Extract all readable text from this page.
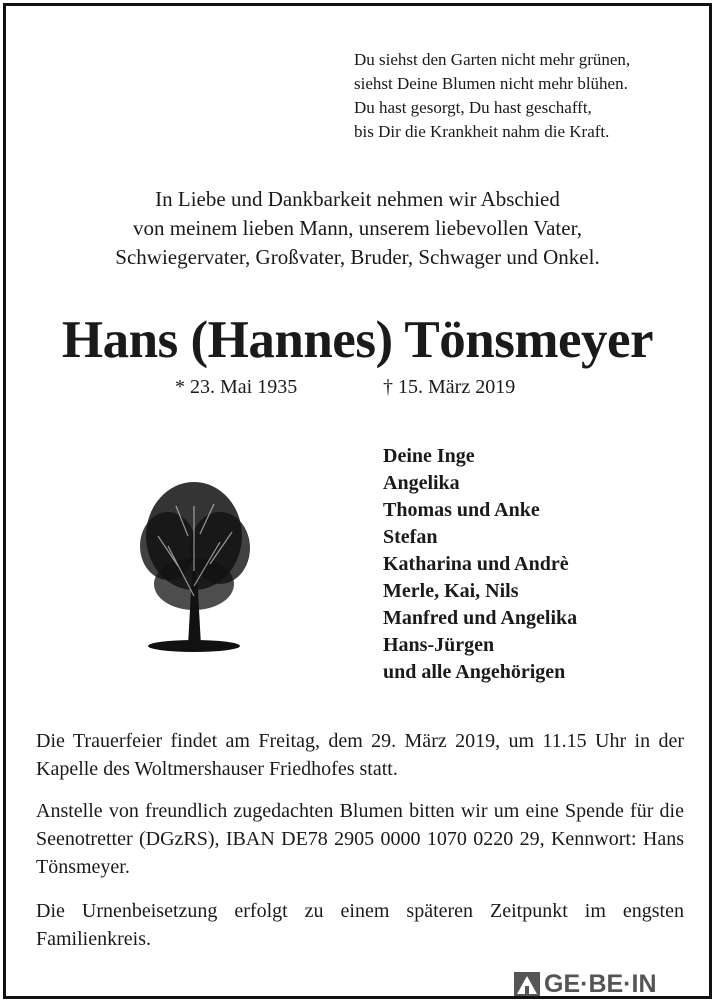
Du siehst den Garten nicht mehr grünen,
siehst Deine Blumen nicht mehr blühen.
Du hast gesorgt, Du hast geschafft,
bis Dir die Krankheit nahm die Kraft.
In Liebe und Dankbarkeit nehmen wir Abschied
von meinem lieben Mann, unserem liebevollen Vater,
Schwiegervater, Großvater, Bruder, Schwager und Onkel.
Hans (Hannes) Tönsmeyer
* 23. Mai 1935	† 15. März 2019
Deine Inge
Angelika
Thomas und Anke
Stefan
Katharina und Andrè
Merle, Kai, Nils
Manfred und Angelika
Hans-Jürgen
und alle Angehörigen
Die Trauerfeier findet am Freitag, dem 29. März 2019, um 11.15 Uhr in der Kapelle des Woltmershauser Friedhofes statt.
Anstelle von freundlich zugedachten Blumen bitten wir um eine Spende für die Seenotretter (DGzRS), IBAN DE78 2905 0000 1070 0220 29, Kennwort: Hans Tönsmeyer.
Die Urnenbeisetzung erfolgt zu einem späteren Zeitpunkt im engsten Familienkreis.
GE·BE·IN
